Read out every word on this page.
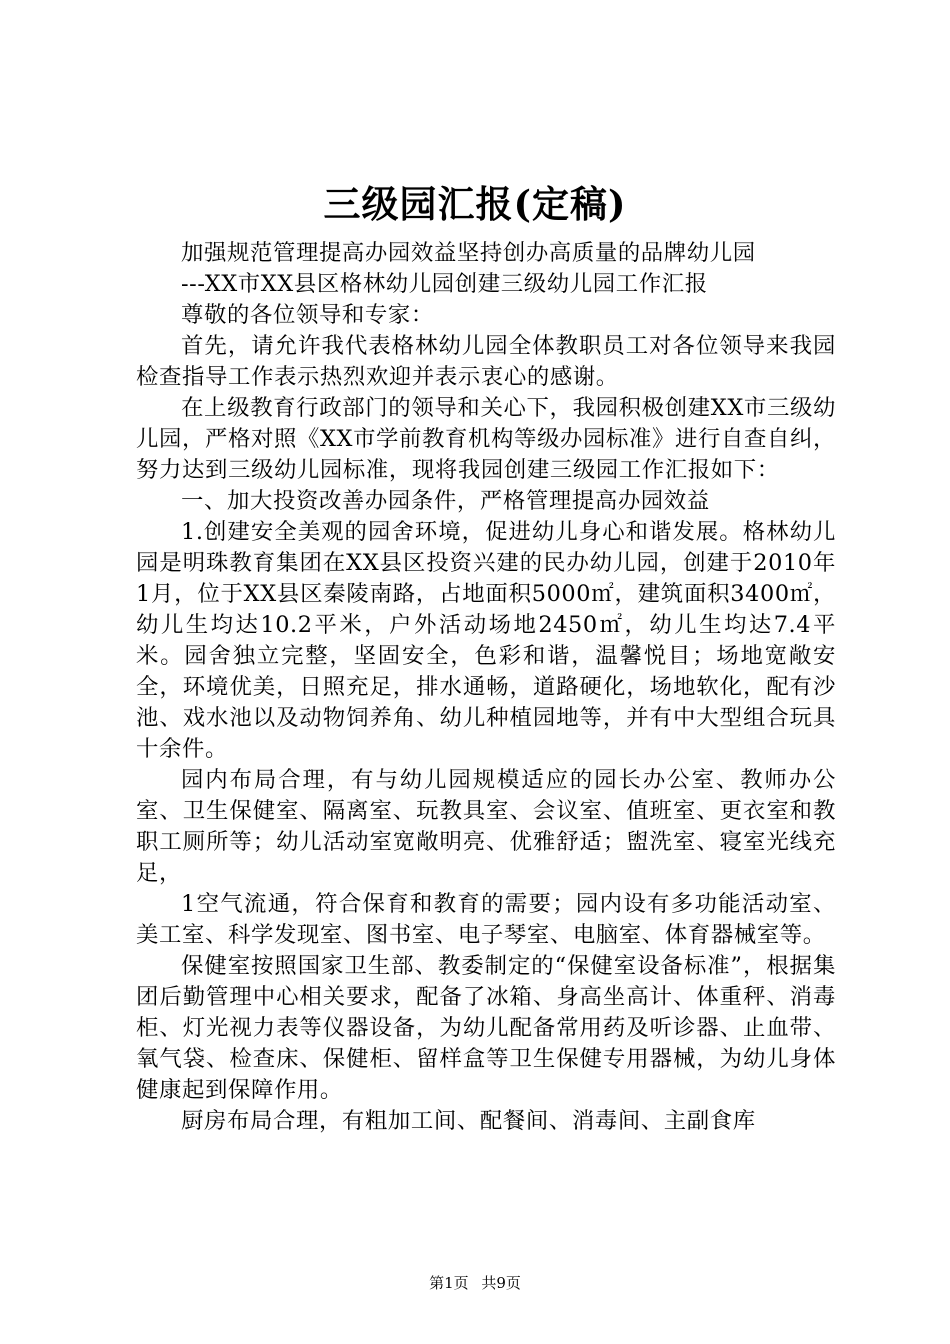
三级园汇报(定稿)

加强规范管理提高办园效益坚持创办高质量的品牌幼儿园

---XX市XX县区格林幼儿园创建三级幼儿园工作汇报

尊敬的各位领导和专家：

首先，请允许我代表格林幼儿园全体教职员工对各位领导来我园检查指导工作表示热烈欢迎并表示衷心的感谢。

在上级教育行政部门的领导和关心下，我园积极创建XX市三级幼儿园，严格对照《XX市学前教育机构等级办园标准》进行自查自纠，努力达到三级幼儿园标准，现将我园创建三级园工作汇报如下：

一、加大投资改善办园条件，严格管理提高办园效益

1.创建安全美观的园舍环境，促进幼儿身心和谐发展。格林幼儿园是明珠教育集团在XX县区投资兴建的民办幼儿园，创建于2010年1月，位于XX县区秦陵南路，占地面积5000㎡，建筑面积3400㎡，幼儿生均达10.2平米，户外活动场地2450㎡，幼儿生均达7.4平米。园舍独立完整，坚固安全，色彩和谐，温馨悦目；场地宽敞安全，环境优美，日照充足，排水通畅，道路硬化，场地软化，配有沙池、戏水池以及动物饲养角、幼儿种植园地等，并有中大型组合玩具十余件。

园内布局合理，有与幼儿园规模适应的园长办公室、教师办公室、卫生保健室、隔离室、玩教具室、会议室、值班室、更衣室和教职工厕所等；幼儿活动室宽敞明亮、优雅舒适；盥洗室、寝室光线充足，

1空气流通，符合保育和教育的需要；园内设有多功能活动室、美工室、科学发现室、图书室、电子琴室、电脑室、体育器械室等。

保健室按照国家卫生部、教委制定的“保健室设备标准”，根据集团后勤管理中心相关要求，配备了冰箱、身高坐高计、体重秤、消毒柜、灯光视力表等仪器设备，为幼儿配备常用药及听诊器、止血带、氧气袋、检查床、保健柜、留样盒等卫生保健专用器械，为幼儿身体健康起到保障作用。

厨房布局合理，有粗加工间、配餐间、消毒间、主副食库

第1页 共9页
